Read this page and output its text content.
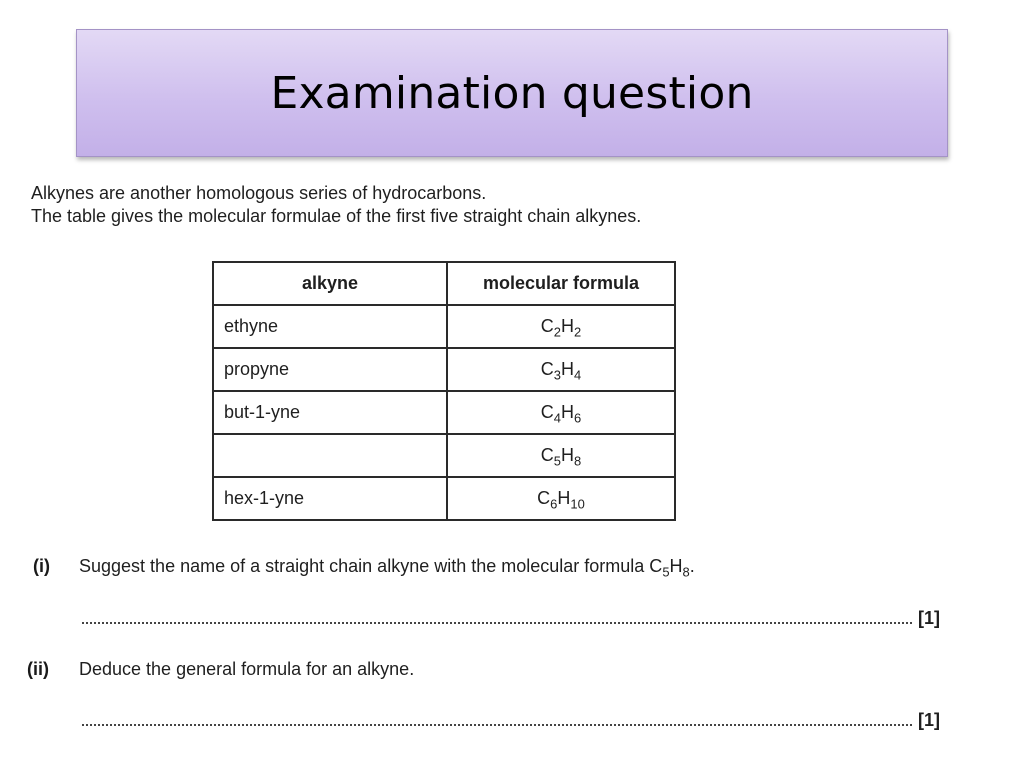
Examination question
Alkynes are another homologous series of hydrocarbons.
The table gives the molecular formulae of the first five straight chain alkynes.
alkyne	molecular formula
ethyne	$C_2H_2$
propyne	$C_3H_4$
but-1-yne	$C_4H_6$
	$C_5H_8$
hex-1-yne	$C_6H_{10}$
(i) Suggest the name of a straight chain alkyne with the molecular formula $C_5H_8$.
[1]
(ii) Deduce the general formula for an alkyne.
[1]
